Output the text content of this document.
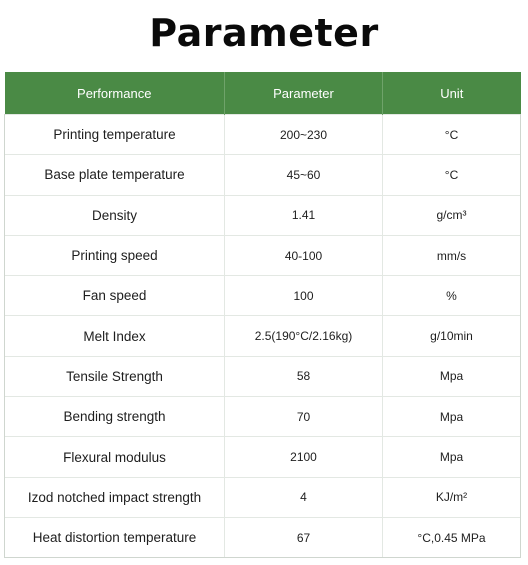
Parameter
Performance	Parameter	Unit
Printing temperature	200~230	°C
Base plate temperature	45~60	°C
Density	1.41	g/cm³
Printing speed	40-100	mm/s
Fan speed	100	%
Melt Index	2.5(190°C/2.16kg)	g/10min
Tensile Strength	58	Mpa
Bending strength	70	Mpa
Flexural modulus	2100	Mpa
Izod notched impact strength	4	KJ/m²
Heat distortion temperature	67	°C,0.45 MPa
